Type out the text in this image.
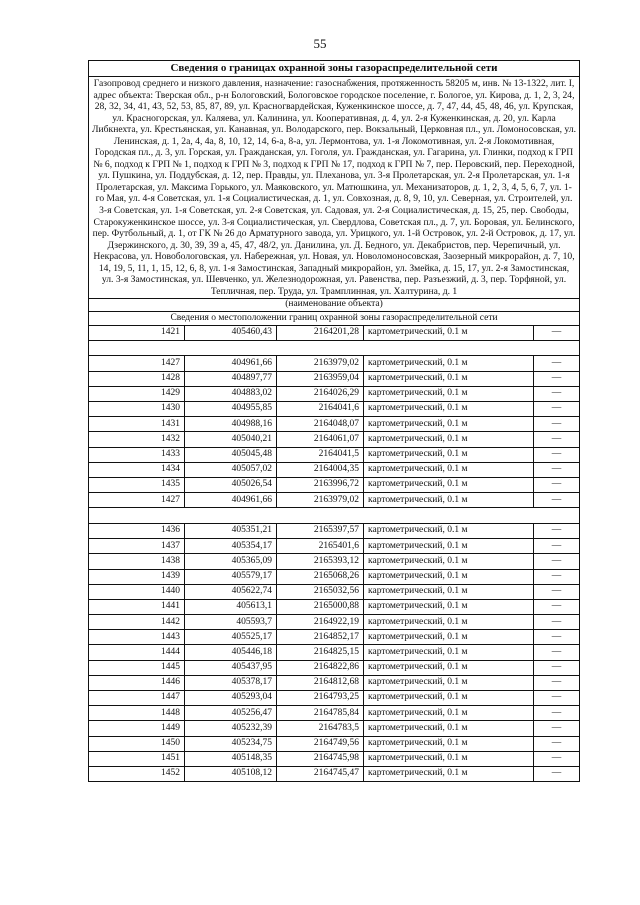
55
Сведения о границах охранной зоны газораспределительной сети				
Газопровод среднего и низкого давления, назначение: газоснабжения, протяженность 58205 м, инв. № 13-1322, лит. I, адрес объекта: Тверская обл., р-н Бологовский, Бологовское городское поселение, г. Бологое, ул. Кирова, д. 1, 2, 3, 24, 28, 32, 34, 41, 43, 52, 53, 85, 87, 89, ул. Красногвардейская, Куженкинское шоссе, д. 7, 47, 44, 45, 48, 46, ул. Крупская, ул. Красногорская, ул. Каляева, ул. Калинина, ул. Кооперативная, д. 4, ул. 2-я Куженкинская, д. 20, ул. Карла Либкнехта, ул. Крестьянская, ул. Канавная, ул. Володарского, пер. Вокзальный, Церковная пл., ул. Ломоносовская, ул. Ленинская, д. 1, 2а, 4, 4а, 8, 10, 12, 14, 6-а, 8-а, ул. Лермонтова, ул. 1-я Локомотивная, ул. 2-я Локомотивная, Городская пл., д. 3, ул. Горская, ул. Гражданская, ул. Гоголя, ул. Гражданская, ул. Гагарина, ул. Глинки, подход к ГРП № 6, подход к ГРП № 1, подход к ГРП № 3, подход к ГРП № 17, подход к ГРП № 7, пер. Перовский, пер. Переходной, ул. Пушкина, ул. Поддубская, д. 12, пер. Правды, ул. Плеханова, ул. 3-я Пролетарская, ул. 2-я Пролетарская, ул. 1-я Пролетарская, ул. Максима Горького, ул. Маяковского, ул. Матюшкина, ул. Механизаторов, д. 1, 2, 3, 4, 5, 6, 7, ул. 1-го Мая, ул. 4-я Советская, ул. 1-я Социалистическая, д. 1, ул. Совхозная, д. 8, 9, 10, ул. Северная, ул. Строителей, ул. 3-я Советская, ул. 1-я Советская, ул. 2-я Советская, ул. Садовая, ул. 2-я Социалистическая, д. 15, 25, пер. Свободы, Старокуженкинское шоссе, ул. 3-я Социалистическая, ул. Свердлова, Советская пл., д. 7, ул. Боровая, ул. Белинского, пер. Футбольный, д. 1, от ГК № 26 до Арматурного завода, ул. Урицкого, ул. 1-й Островок, ул. 2-й Островок, д. 17, ул. Дзержинского, д. 30, 39, 39 а, 45, 47, 48/2, ул. Данилина, ул. Д. Бедного, ул. Декабристов, пер. Черепичный, ул. Некрасова, ул. Новобологовская, ул. Набережная, ул. Новая, ул. Новоломоносовская, Заозерный микрорайон, д. 7, 10, 14, 19, 5, 11, 1, 15, 12, 6, 8, ул. 1-я Замостинская, Западный микрорайон, ул. Змейка, д. 15, 17, ул. 2-я Замостинская, ул. 3-я Замостинская, ул. Шевченко, ул. Железнодорожная, ул. Равенства, пер. Разъезжий, д. 3, пер. Торфяной, ул. Тепличная, пер. Труда, ул. Трамплинная, ул. Халтурина, д. 1				
(наименование объекта)				
Сведения о местоположении границ охранной зоны газораспределительной сети				
1421	405460,43	2164201,28	картометрический, 0.1 м	—

1427	404961,66	2163979,02	картометрический, 0.1 м	—
1428	404897,77	2163959,04	картометрический, 0.1 м	—
1429	404883,02	2164026,29	картометрический, 0.1 м	—
1430	404955,85	2164041,6	картометрический, 0.1 м	—
1431	404988,16	2164048,07	картометрический, 0.1 м	—
1432	405040,21	2164061,07	картометрический, 0.1 м	—
1433	405045,48	2164041,5	картометрический, 0.1 м	—
1434	405057,02	2164004,35	картометрический, 0.1 м	—
1435	405026,54	2163996,72	картометрический, 0.1 м	—
1427	404961,66	2163979,02	картометрический, 0.1 м	—

1436	405351,21	2165397,57	картометрический, 0.1 м	—
1437	405354,17	2165401,6	картометрический, 0.1 м	—
1438	405365,09	2165393,12	картометрический, 0.1 м	—
1439	405579,17	2165068,26	картометрический, 0.1 м	—
1440	405622,74	2165032,56	картометрический, 0.1 м	—
1441	405613,1	2165000,88	картометрический, 0.1 м	—
1442	405593,7	2164922,19	картометрический, 0.1 м	—
1443	405525,17	2164852,17	картометрический, 0.1 м	—
1444	405446,18	2164825,15	картометрический, 0.1 м	—
1445	405437,95	2164822,86	картометрический, 0.1 м	—
1446	405378,17	2164812,68	картометрический, 0.1 м	—
1447	405293,04	2164793,25	картометрический, 0.1 м	—
1448	405256,47	2164785,84	картометрический, 0.1 м	—
1449	405232,39	2164783,5	картометрический, 0.1 м	—
1450	405234,75	2164749,56	картометрический, 0.1 м	—
1451	405148,35	2164745,98	картометрический, 0.1 м	—
1452	405108,12	2164745,47	картометрический, 0.1 м	—
